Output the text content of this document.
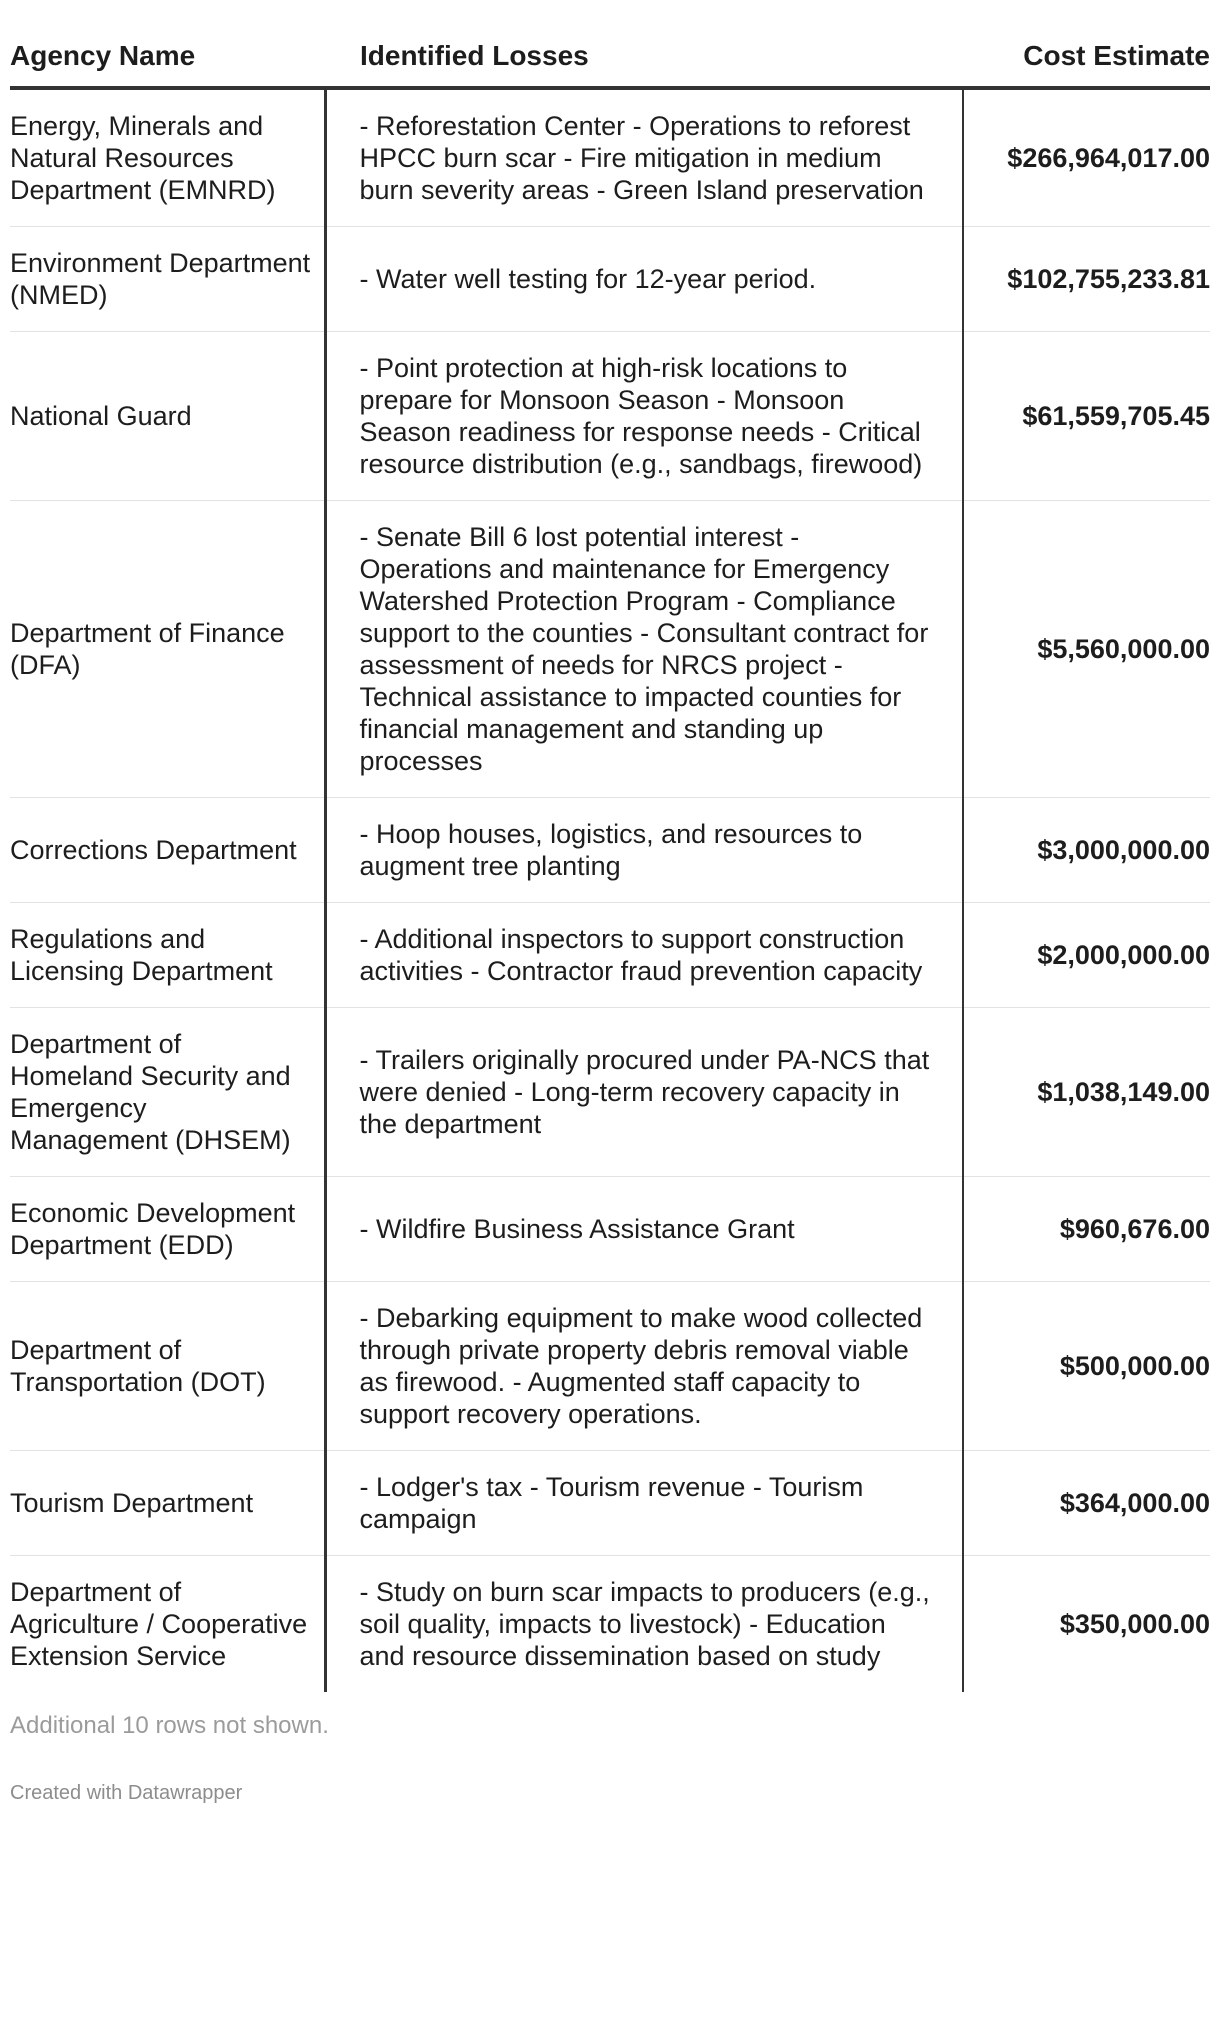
Agency Name	Identified Losses	Cost Estimate
Energy, Minerals and Natural Resources Department (EMNRD)	- Reforestation Center - Operations to reforest HPCC burn scar - Fire mitigation in medium burn severity areas - Green Island preservation	$266,964,017.00
Environment Department (NMED)	- Water well testing for 12-year period.	$102,755,233.81
National Guard	- Point protection at high-risk locations to prepare for Monsoon Season - Monsoon Season readiness for response needs - Critical resource distribution (e.g., sandbags, firewood)	$61,559,705.45
Department of Finance (DFA)	- Senate Bill 6 lost potential interest - Operations and maintenance for Emergency Watershed Protection Program - Compliance support to the counties - Consultant contract for assessment of needs for NRCS project - Technical assistance to impacted counties for financial management and standing up processes	$5,560,000.00
Corrections Department	- Hoop houses, logistics, and resources to augment tree planting	$3,000,000.00
Regulations and Licensing Department	- Additional inspectors to support construction activities - Contractor fraud prevention capacity	$2,000,000.00
Department of Homeland Security and Emergency Management (DHSEM)	- Trailers originally procured under PA-NCS that were denied - Long-term recovery capacity in the department	$1,038,149.00
Economic Development Department (EDD)	- Wildfire Business Assistance Grant	$960,676.00
Department of Transportation (DOT)	- Debarking equipment to make wood collected through private property debris removal viable as firewood. - Augmented staff capacity to support recovery operations.	$500,000.00
Tourism Department	- Lodger's tax - Tourism revenue - Tourism campaign	$364,000.00
Department of Agriculture / Cooperative Extension Service	- Study on burn scar impacts to producers (e.g., soil quality, impacts to livestock) - Education and resource dissemination based on study	$350,000.00
Additional 10 rows not shown.
Created with Datawrapper
